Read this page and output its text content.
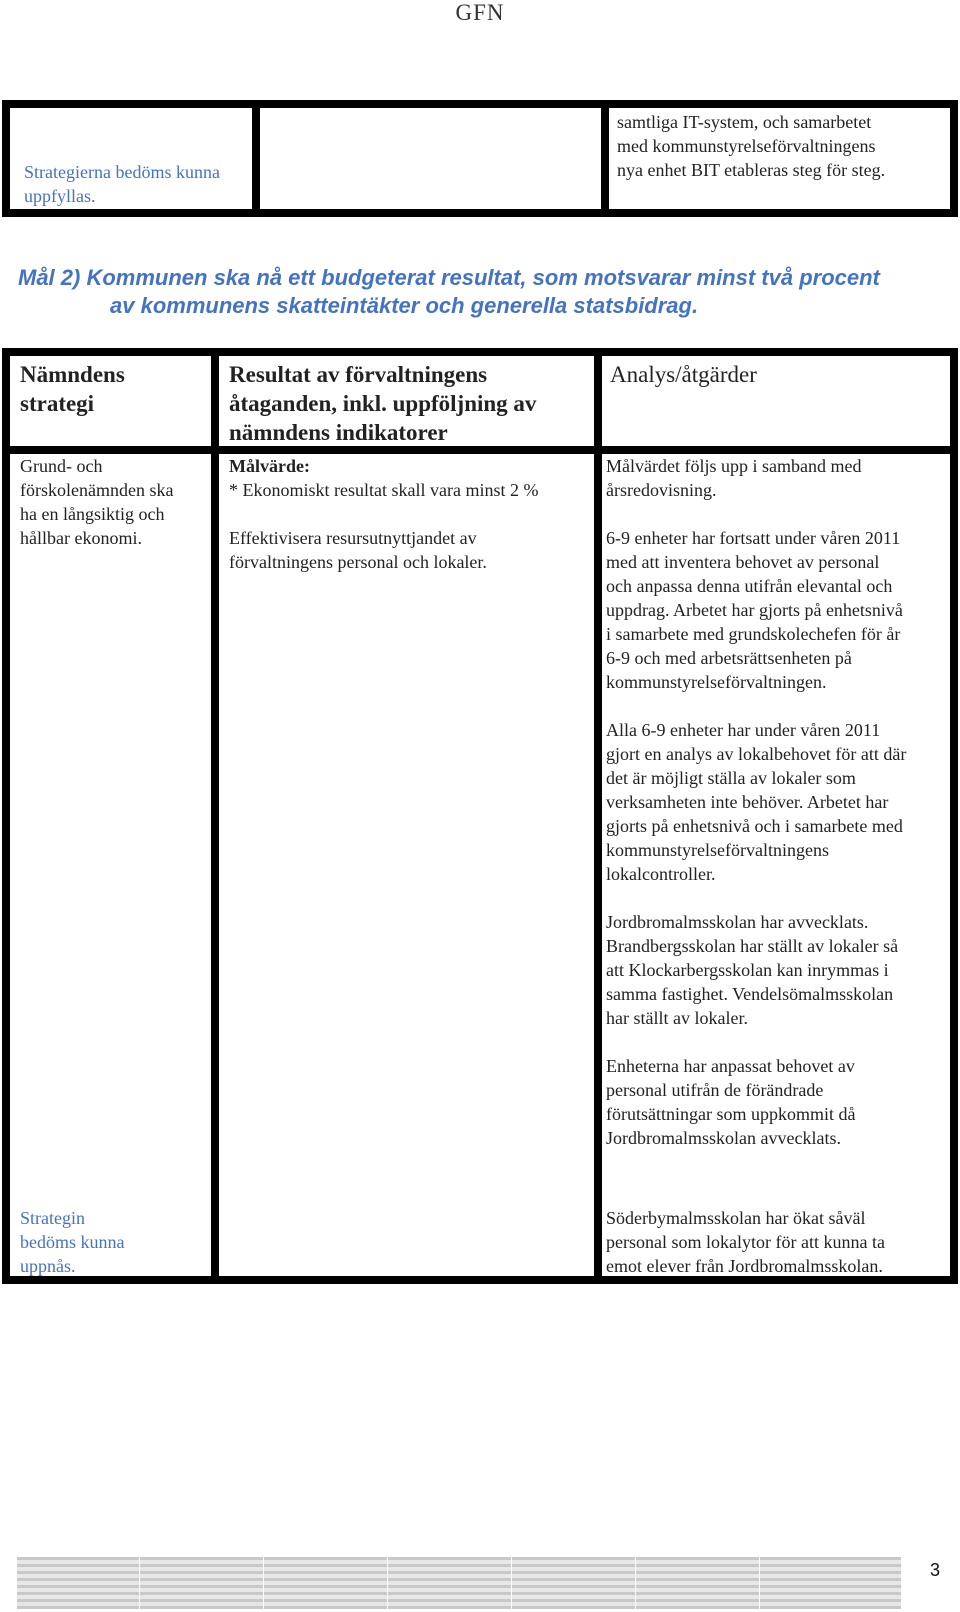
GFN
Strategierna bedöms kunna
uppfyllas.
samtliga IT-system, och samarbetet
med kommunstyrelseförvaltningens
nya enhet BIT etableras steg för steg.
Mål 2) Kommunen ska nå ett budgeterat resultat, som motsvarar minst två procent
av kommunens skatteintäkter och generella statsbidrag.
Nämndens
strategi
Resultat av förvaltningens
åtaganden, inkl. uppföljning av
nämndens indikatorer
Analys/åtgärder
Grund- och
förskolenämnden ska
ha en långsiktig och
hållbar ekonomi.
Strategin
bedöms kunna
uppnås.
Målvärde:
* Ekonomiskt resultat skall vara minst 2 %
Effektivisera resursutnyttjandet av
förvaltningens personal och lokaler.
Målvärdet följs upp i samband med
årsredovisning.
6-9 enheter har fortsatt under våren 2011
med att inventera behovet av personal
och anpassa denna utifrån elevantal och
uppdrag. Arbetet har gjorts på enhetsnivå
i samarbete med grundskolechefen för år
6-9 och med arbetsrättsenheten på
kommunstyrelseförvaltningen.
Alla 6-9 enheter har under våren 2011
gjort en analys av lokalbehovet för att där
det är möjligt ställa av lokaler som
verksamheten inte behöver. Arbetet har
gjorts på enhetsnivå och i samarbete med
kommunstyrelseförvaltningens
lokalcontroller.
Jordbromalmsskolan har avvecklats.
Brandbergsskolan har ställt av lokaler så
att Klockarbergsskolan kan inrymmas i
samma fastighet. Vendelsömalmsskolan
har ställt av lokaler.
Enheterna har anpassat behovet av
personal utifrån de förändrade
förutsättningar som uppkommit då
Jordbromalmsskolan avvecklats.
Söderbymalmsskolan har ökat såväl
personal som lokalytor för att kunna ta
emot elever från Jordbromalmsskolan.
3
